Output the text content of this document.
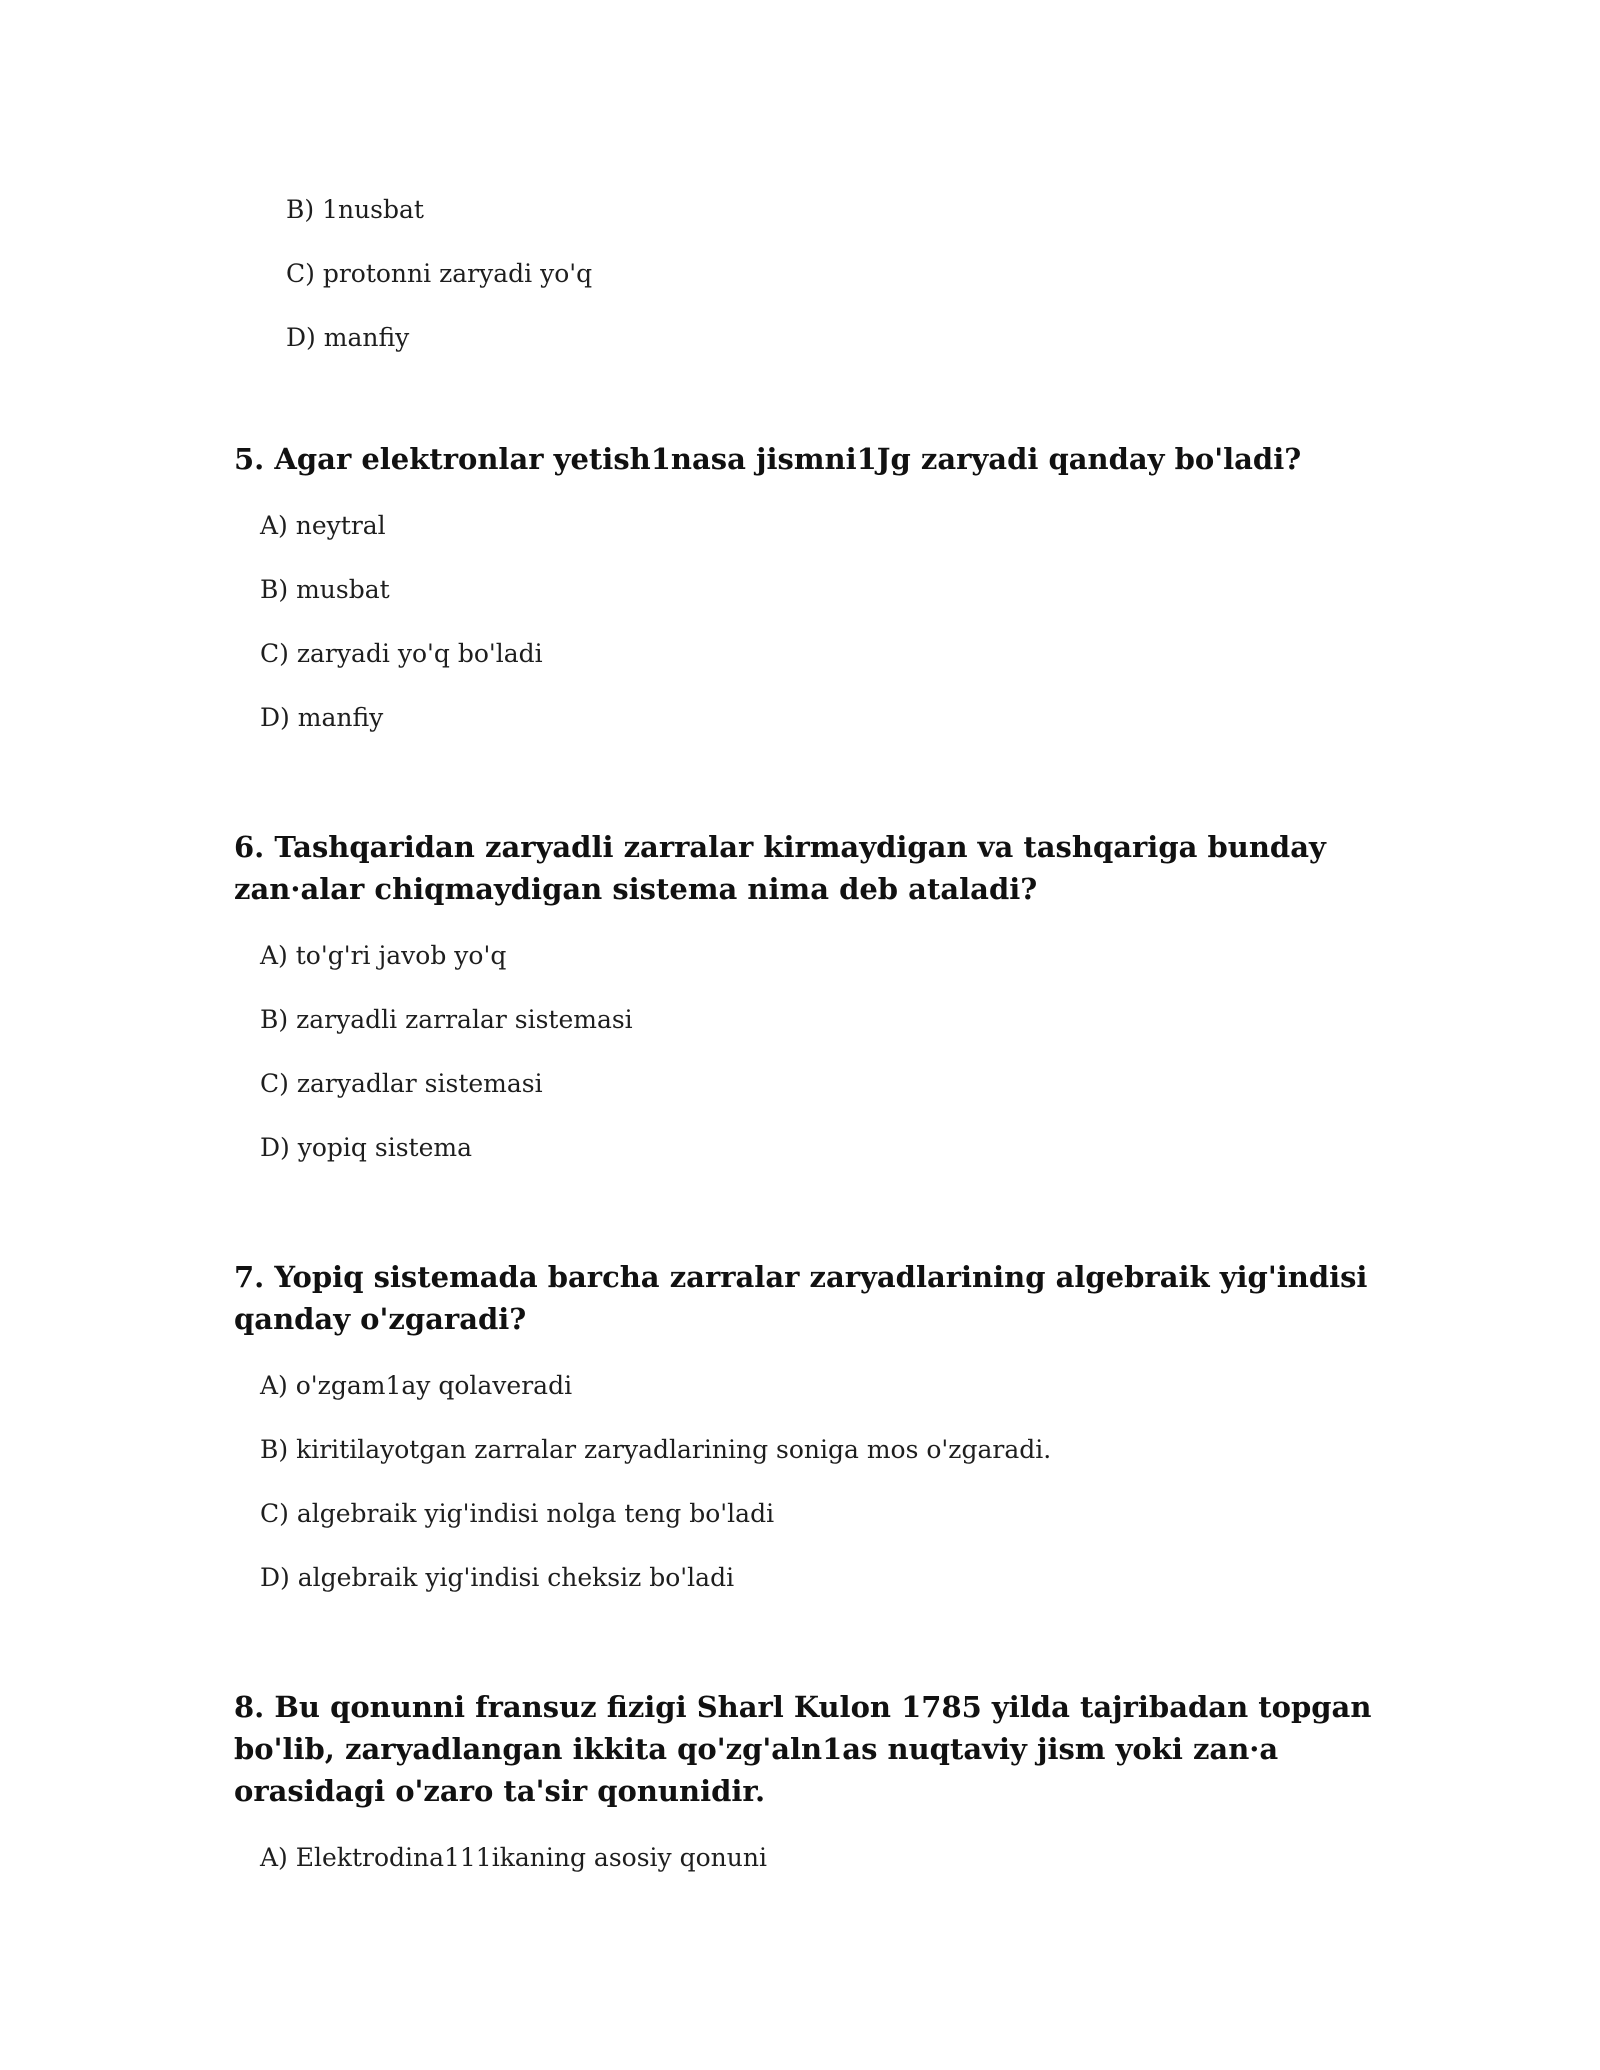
B) 1nusbat
C) protonni zaryadi yo'q
D) manfiy
5. Agar elektronlar yetish1nasa jismni1Jg zaryadi qanday bo'ladi?
A) neytral
B) musbat
C) zaryadi yo'q bo'ladi
D) manfiy
6. Tashqaridan zaryadli zarralar kirmaydigan va tashqariga bunday zan·alar chiqmaydigan sistema nima deb ataladi?
A) to'g'ri javob yo'q
B) zaryadli zarralar sistemasi
C) zaryadlar sistemasi
D) yopiq sistema
7. Yopiq sistemada barcha zarralar zaryadlarining algebraik yig'indisi qanday o'zgaradi?
A) o'zgam1ay qolaveradi
B) kiritilayotgan zarralar zaryadlarining soniga mos o'zgaradi.
C) algebraik yig'indisi nolga teng bo'ladi
D) algebraik yig'indisi cheksiz bo'ladi
8. Bu qonunni fransuz fizigi Sharl Kulon 1785 yilda tajribadan topgan bo'lib, zaryadlangan ikkita qo'zg'aln1as nuqtaviy jism yoki zan·a orasidagi o'zaro ta'sir qonunidir.
A) Elektrodina111ikaning asosiy qonuni
